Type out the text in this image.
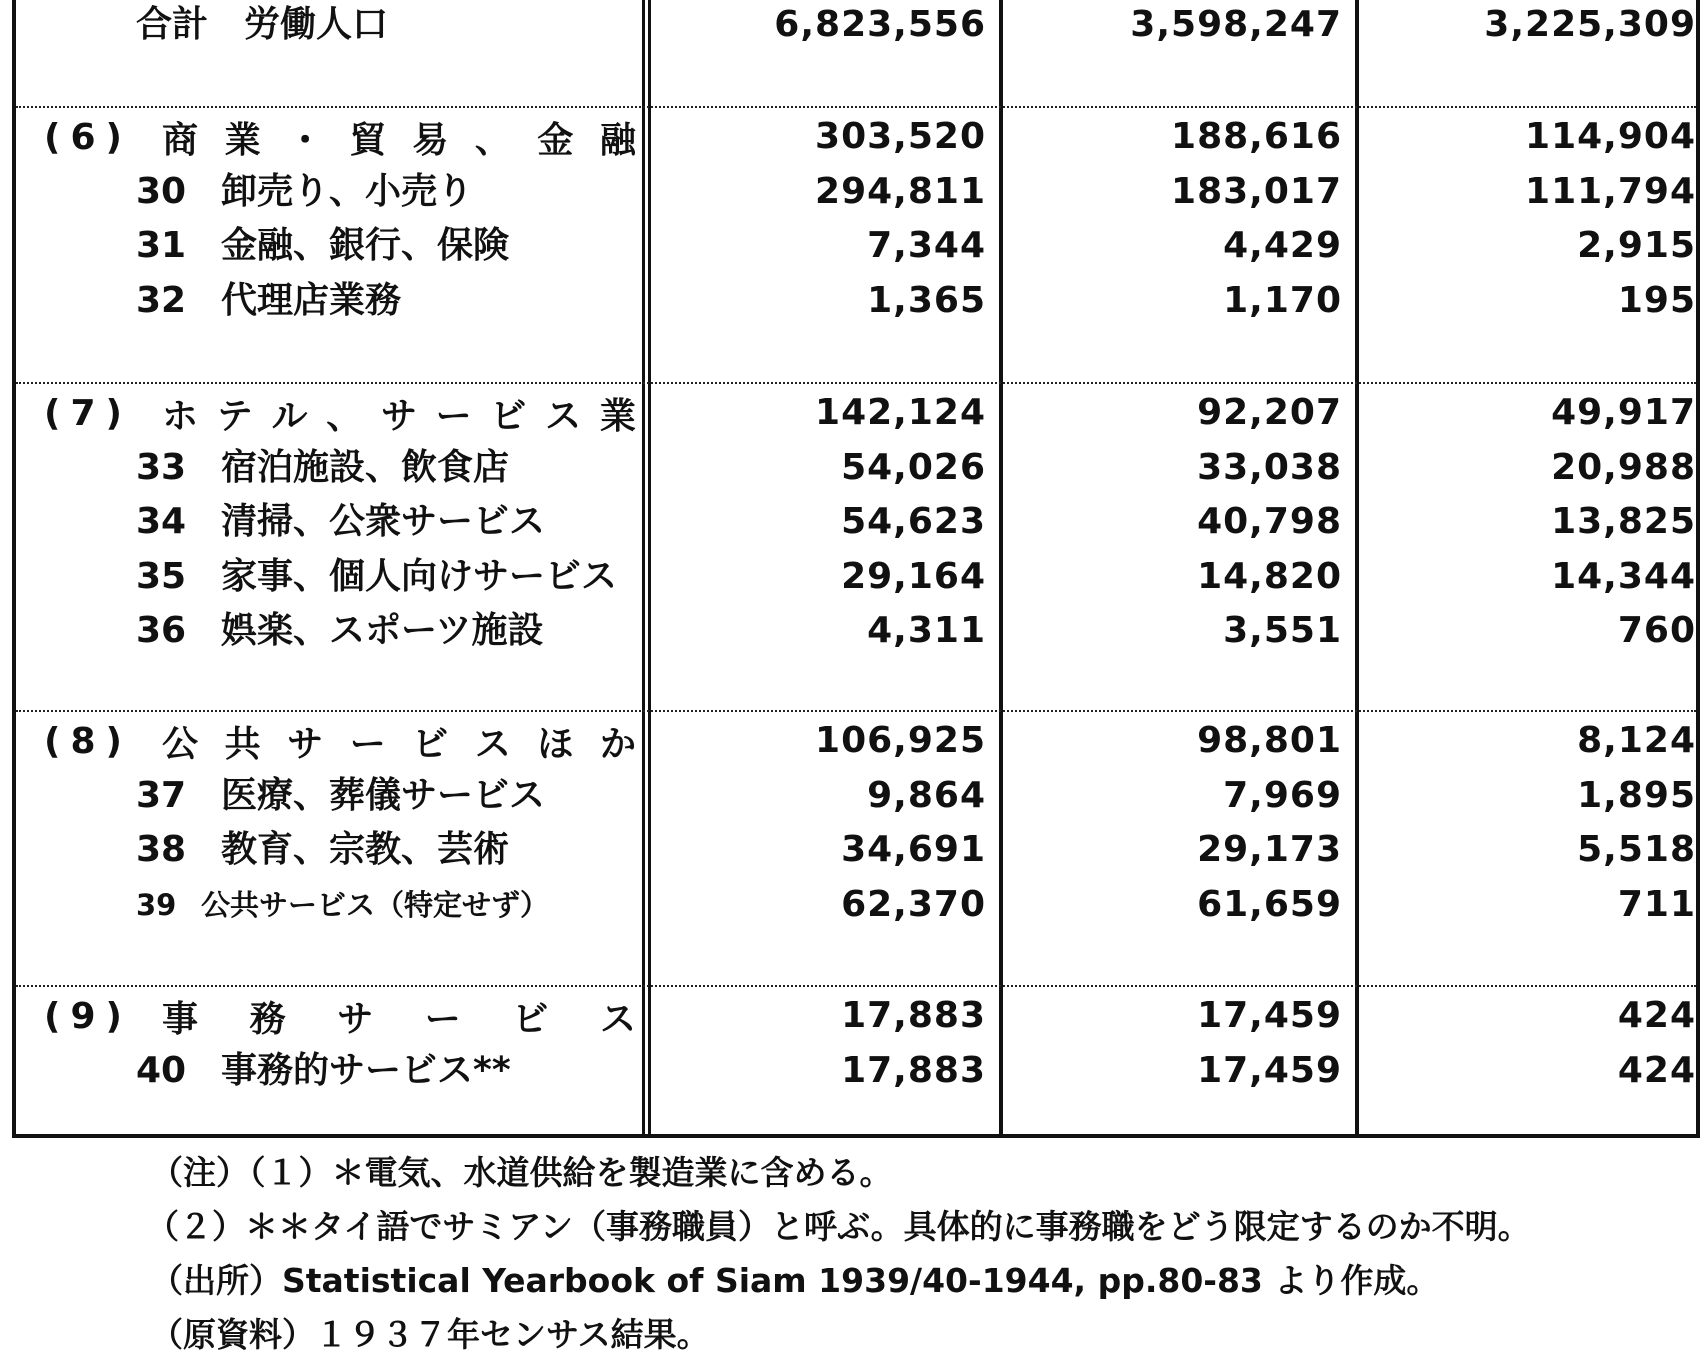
合計　労働人口	6,823,556	3,598,247	3,225,309
(6) 商 業 ・ 貿 易 、 金 融	303,520	188,616	114,904
30 卸売り、小売り	294,811	183,017	111,794
31 金融、銀行、保険	7,344	4,429	2,915
32 代理店業務	1,365	1,170	195
(7) ホ テ ル 、 サ ー ビ ス 業	142,124	92,207	49,917
33 宿泊施設、飲食店	54,026	33,038	20,988
34 清掃、公衆サービス	54,623	40,798	13,825
35 家事、個人向けサービス	29,164	14,820	14,344
36 娯楽、スポーツ施設	4,311	3,551	760
(8) 公 共 サ ー ビ ス ほ か	106,925	98,801	8,124
37 医療、葬儀サービス	9,864	7,969	1,895
38 教育、宗教、芸術	34,691	29,173	5,518
39 公共サービス（特定せず）	62,370	61,659	711
(9) 事 務 サ ー ビ ス	17,883	17,459	424
40 事務的サービス**	17,883	17,459	424
（注）（１）＊電気、水道供給を製造業に含める。
（２）＊＊タイ語でサミアン（事務職員）と呼ぶ。具体的に事務職をどう限定するのか不明。
（出所）Statistical Yearbook of Siam 1939/40-1944, pp.80-83 より作成。
（原資料）１９３７年センサス結果。
